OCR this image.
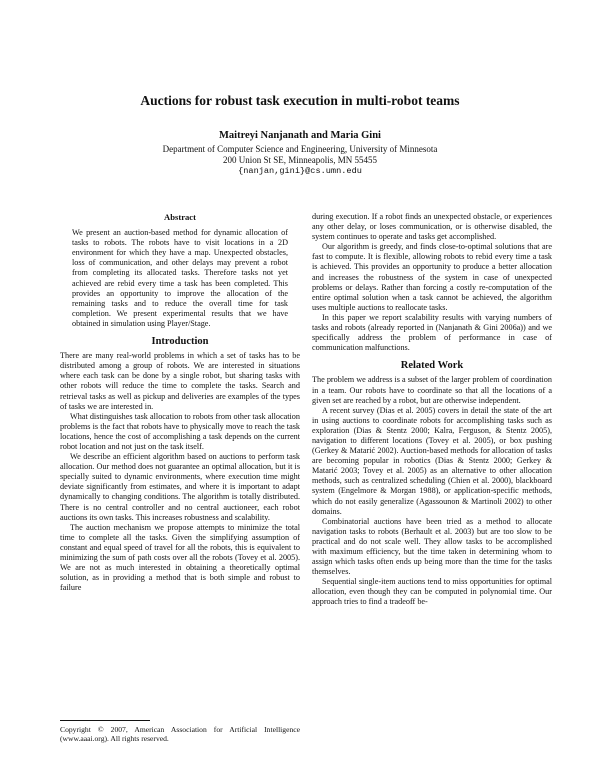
Auctions for robust task execution in multi-robot teams
Maitreyi Nanjanath and Maria Gini
Department of Computer Science and Engineering, University of Minnesota
200 Union St SE, Minneapolis, MN 55455
{nanjan,gini}@cs.umn.edu
Abstract

We present an auction-based method for dynamic allocation of tasks to robots. The robots have to visit locations in a 2D environment for which they have a map. Unexpected obstacles, loss of communication, and other delays may prevent a robot from completing its allocated tasks. Therefore tasks not yet achieved are rebid every time a task has been completed. This provides an opportunity to improve the allocation of the remaining tasks and to reduce the overall time for task completion. We present experimental results that we have obtained in simulation using Player/Stage.

Introduction

There are many real-world problems in which a set of tasks has to be distributed among a group of robots. We are interested in situations where each task can be done by a single robot, but sharing tasks with other robots will reduce the time to complete the tasks. Search and retrieval tasks as well as pickup and deliveries are examples of the types of tasks we are interested in.

What distinguishes task allocation to robots from other task allocation problems is the fact that robots have to physically move to reach the task locations, hence the cost of accomplishing a task depends on the current robot location and not just on the task itself.

We describe an efficient algorithm based on auctions to perform task allocation. Our method does not guarantee an optimal allocation, but it is specially suited to dynamic environments, where execution time might deviate significantly from estimates, and where it is important to adapt dynamically to changing conditions. The algorithm is totally distributed. There is no central controller and no central auctioneer, each robot auctions its own tasks. This increases robustness and scalability.

The auction mechanism we propose attempts to minimize the total time to complete all the tasks. Given the simplifying assumption of constant and equal speed of travel for all the robots, this is equivalent to minimizing the sum of path costs over all the robots (Tovey et al. 2005). We are not as much interested in obtaining a theoretically optimal solution, as in providing a method that is both simple and robust to failure

Copyright © 2007, American Association for Artificial Intelligence (www.aaai.org). All rights reserved.

during execution. If a robot finds an unexpected obstacle, or experiences any other delay, or loses communication, or is otherwise disabled, the system continues to operate and tasks get accomplished.

Our algorithm is greedy, and finds close-to-optimal solutions that are fast to compute. It is flexible, allowing robots to rebid every time a task is achieved. This provides an opportunity to produce a better allocation and increases the robustness of the system in case of unexpected problems or delays. Rather than forcing a costly re-computation of the entire optimal solution when a task cannot be achieved, the algorithm uses multiple auctions to reallocate tasks.

In this paper we report scalability results with varying numbers of tasks and robots (already reported in (Nanjanath & Gini 2006a)) and we specifically address the problem of performance in case of communication malfunctions.

Related Work

The problem we address is a subset of the larger problem of coordination in a team. Our robots have to coordinate so that all the locations of a given set are reached by a robot, but are otherwise independent.

A recent survey (Dias et al. 2005) covers in detail the state of the art in using auctions to coordinate robots for accomplishing tasks such as exploration (Dias & Stentz 2000; Kalra, Ferguson, & Stentz 2005), navigation to different locations (Tovey et al. 2005), or box pushing (Gerkey & Matarić 2002). Auction-based methods for allocation of tasks are becoming popular in robotics (Dias & Stentz 2000; Gerkey & Matarić 2003; Tovey et al. 2005) as an alternative to other allocation methods, such as centralized scheduling (Chien et al. 2000), blackboard system (Engelmore & Morgan 1988), or application-specific methods, which do not easily generalize (Agassounon & Martinoli 2002) to other domains.

Combinatorial auctions have been tried as a method to allocate navigation tasks to robots (Berhault et al. 2003) but are too slow to be practical and do not scale well. They allow tasks to be accomplished with maximum efficiency, but the time taken in determining whom to assign which tasks often ends up being more than the time for the tasks themselves.

Sequential single-item auctions tend to miss opportunities for optimal allocation, even though they can be computed in polynomial time. Our approach tries to find a tradeoff be-
